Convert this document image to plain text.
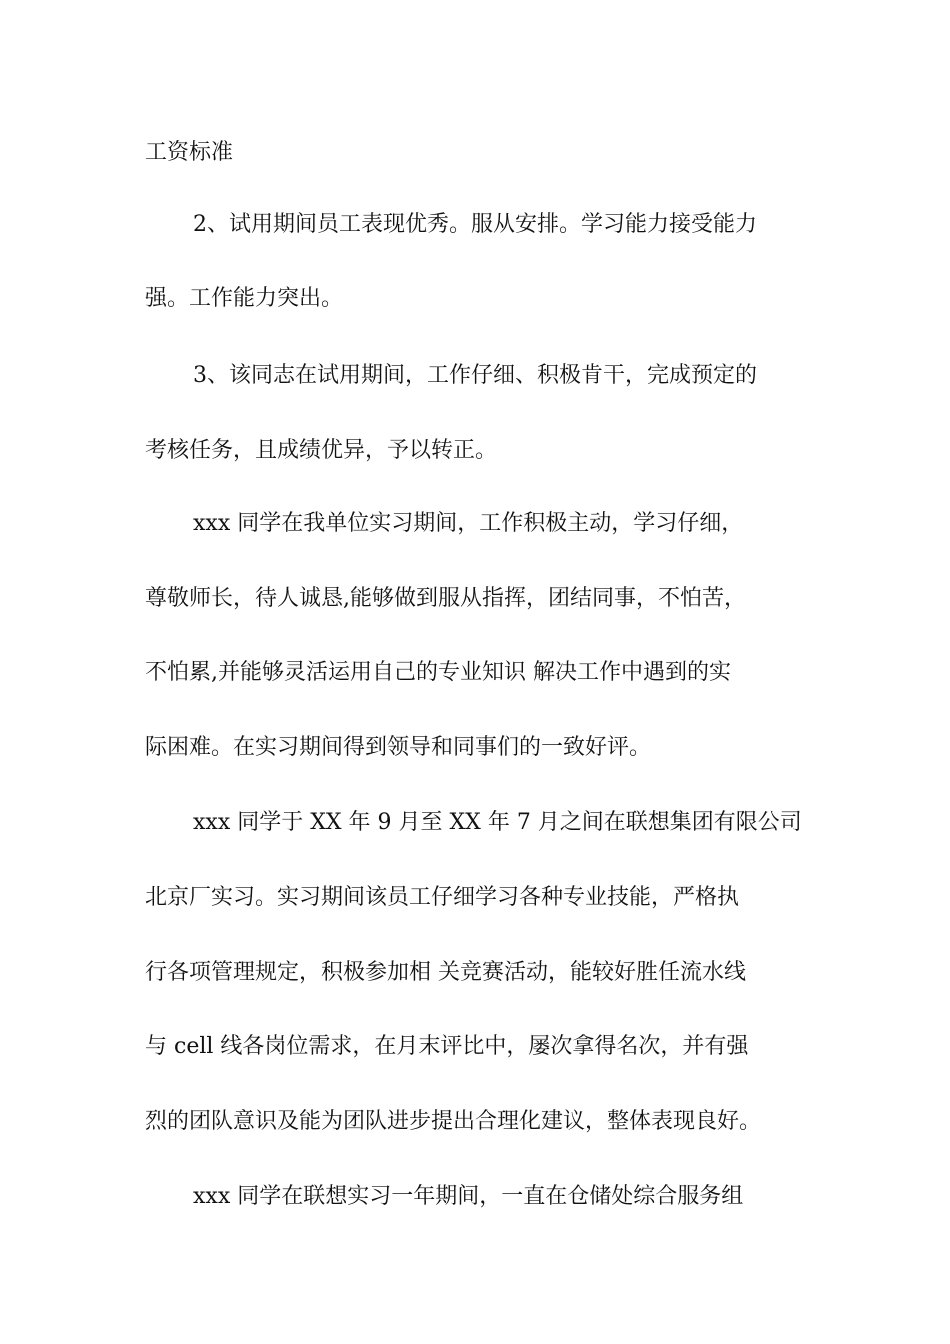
工资标准
2、试用期间员工表现优秀。服从安排。学习能力接受能力
强。工作能力突出。
3、该同志在试用期间，工作仔细、积极肯干，完成预定的
考核任务，且成绩优异，予以转正。
xxx 同学在我单位实习期间，工作积极主动，学习仔细，
尊敬师长，待人诚恳,能够做到服从指挥，团结同事，不怕苦，
不怕累,并能够灵活运用自己的专业知识 解决工作中遇到的实
际困难。在实习期间得到领导和同事们的一致好评。
xxx 同学于 XX 年 9 月至 XX 年 7 月之间在联想集团有限公司
北京厂实习。实习期间该员工仔细学习各种专业技能，严格执
行各项管理规定，积极参加相 关竞赛活动，能较好胜任流水线
与 cell 线各岗位需求，在月末评比中，屡次拿得名次，并有强
烈的团队意识及能为团队进步提出合理化建议，整体表现良好。
xxx 同学在联想实习一年期间，一直在仓储处综合服务组
